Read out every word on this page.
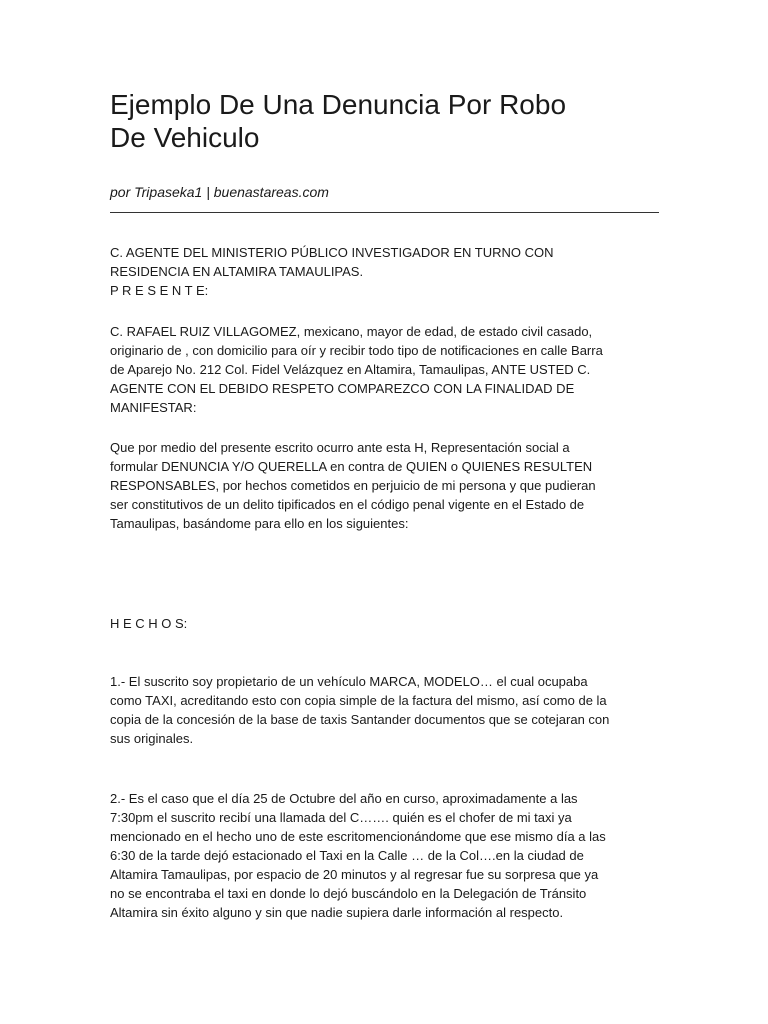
Ejemplo De Una Denuncia Por Robo
De Vehiculo
por Tripaseka1 | buenastareas.com

C. AGENTE DEL MINISTERIO PÚBLICO INVESTIGADOR EN TURNO CON
RESIDENCIA EN ALTAMIRA TAMAULIPAS.
P R E S E N T E:

C. RAFAEL RUIZ VILLAGOMEZ, mexicano, mayor de edad, de estado civil casado,
originario de , con domicilio para oír y recibir todo tipo de notificaciones en calle Barra
de Aparejo No. 212 Col. Fidel Velázquez en Altamira, Tamaulipas, ANTE USTED C.
AGENTE CON EL DEBIDO RESPETO COMPAREZCO CON LA FINALIDAD DE
MANIFESTAR:

Que por medio del presente escrito ocurro ante esta H, Representación social a
formular DENUNCIA Y/O QUERELLA en contra de QUIEN o QUIENES RESULTEN
RESPONSABLES, por hechos cometidos en perjuicio de mi persona y que pudieran
ser constitutivos de un delito tipificados en el código penal vigente en el Estado de
Tamaulipas, basándome para ello en los siguientes:

H E C H O S:

1.- El suscrito soy propietario de un vehículo MARCA, MODELO… el cual ocupaba
como TAXI, acreditando esto con copia simple de la factura del mismo, así como de la
copia de la concesión de la base de taxis Santander documentos que se cotejaran con
sus originales.

2.- Es el caso que el día 25 de Octubre del año en curso, aproximadamente a las
7:30pm el suscrito recibí una llamada del C……. quién es el chofer de mi taxi ya
mencionado en el hecho uno de este escritomencionándome que ese mismo día a las
6:30 de la tarde dejó estacionado el Taxi en la Calle … de la Col….en la ciudad de
Altamira Tamaulipas, por espacio de 20 minutos y al regresar fue su sorpresa que ya
no se encontraba el taxi en donde lo dejó buscándolo en la Delegación de Tránsito
Altamira sin éxito alguno y sin que nadie supiera darle información al respecto.
